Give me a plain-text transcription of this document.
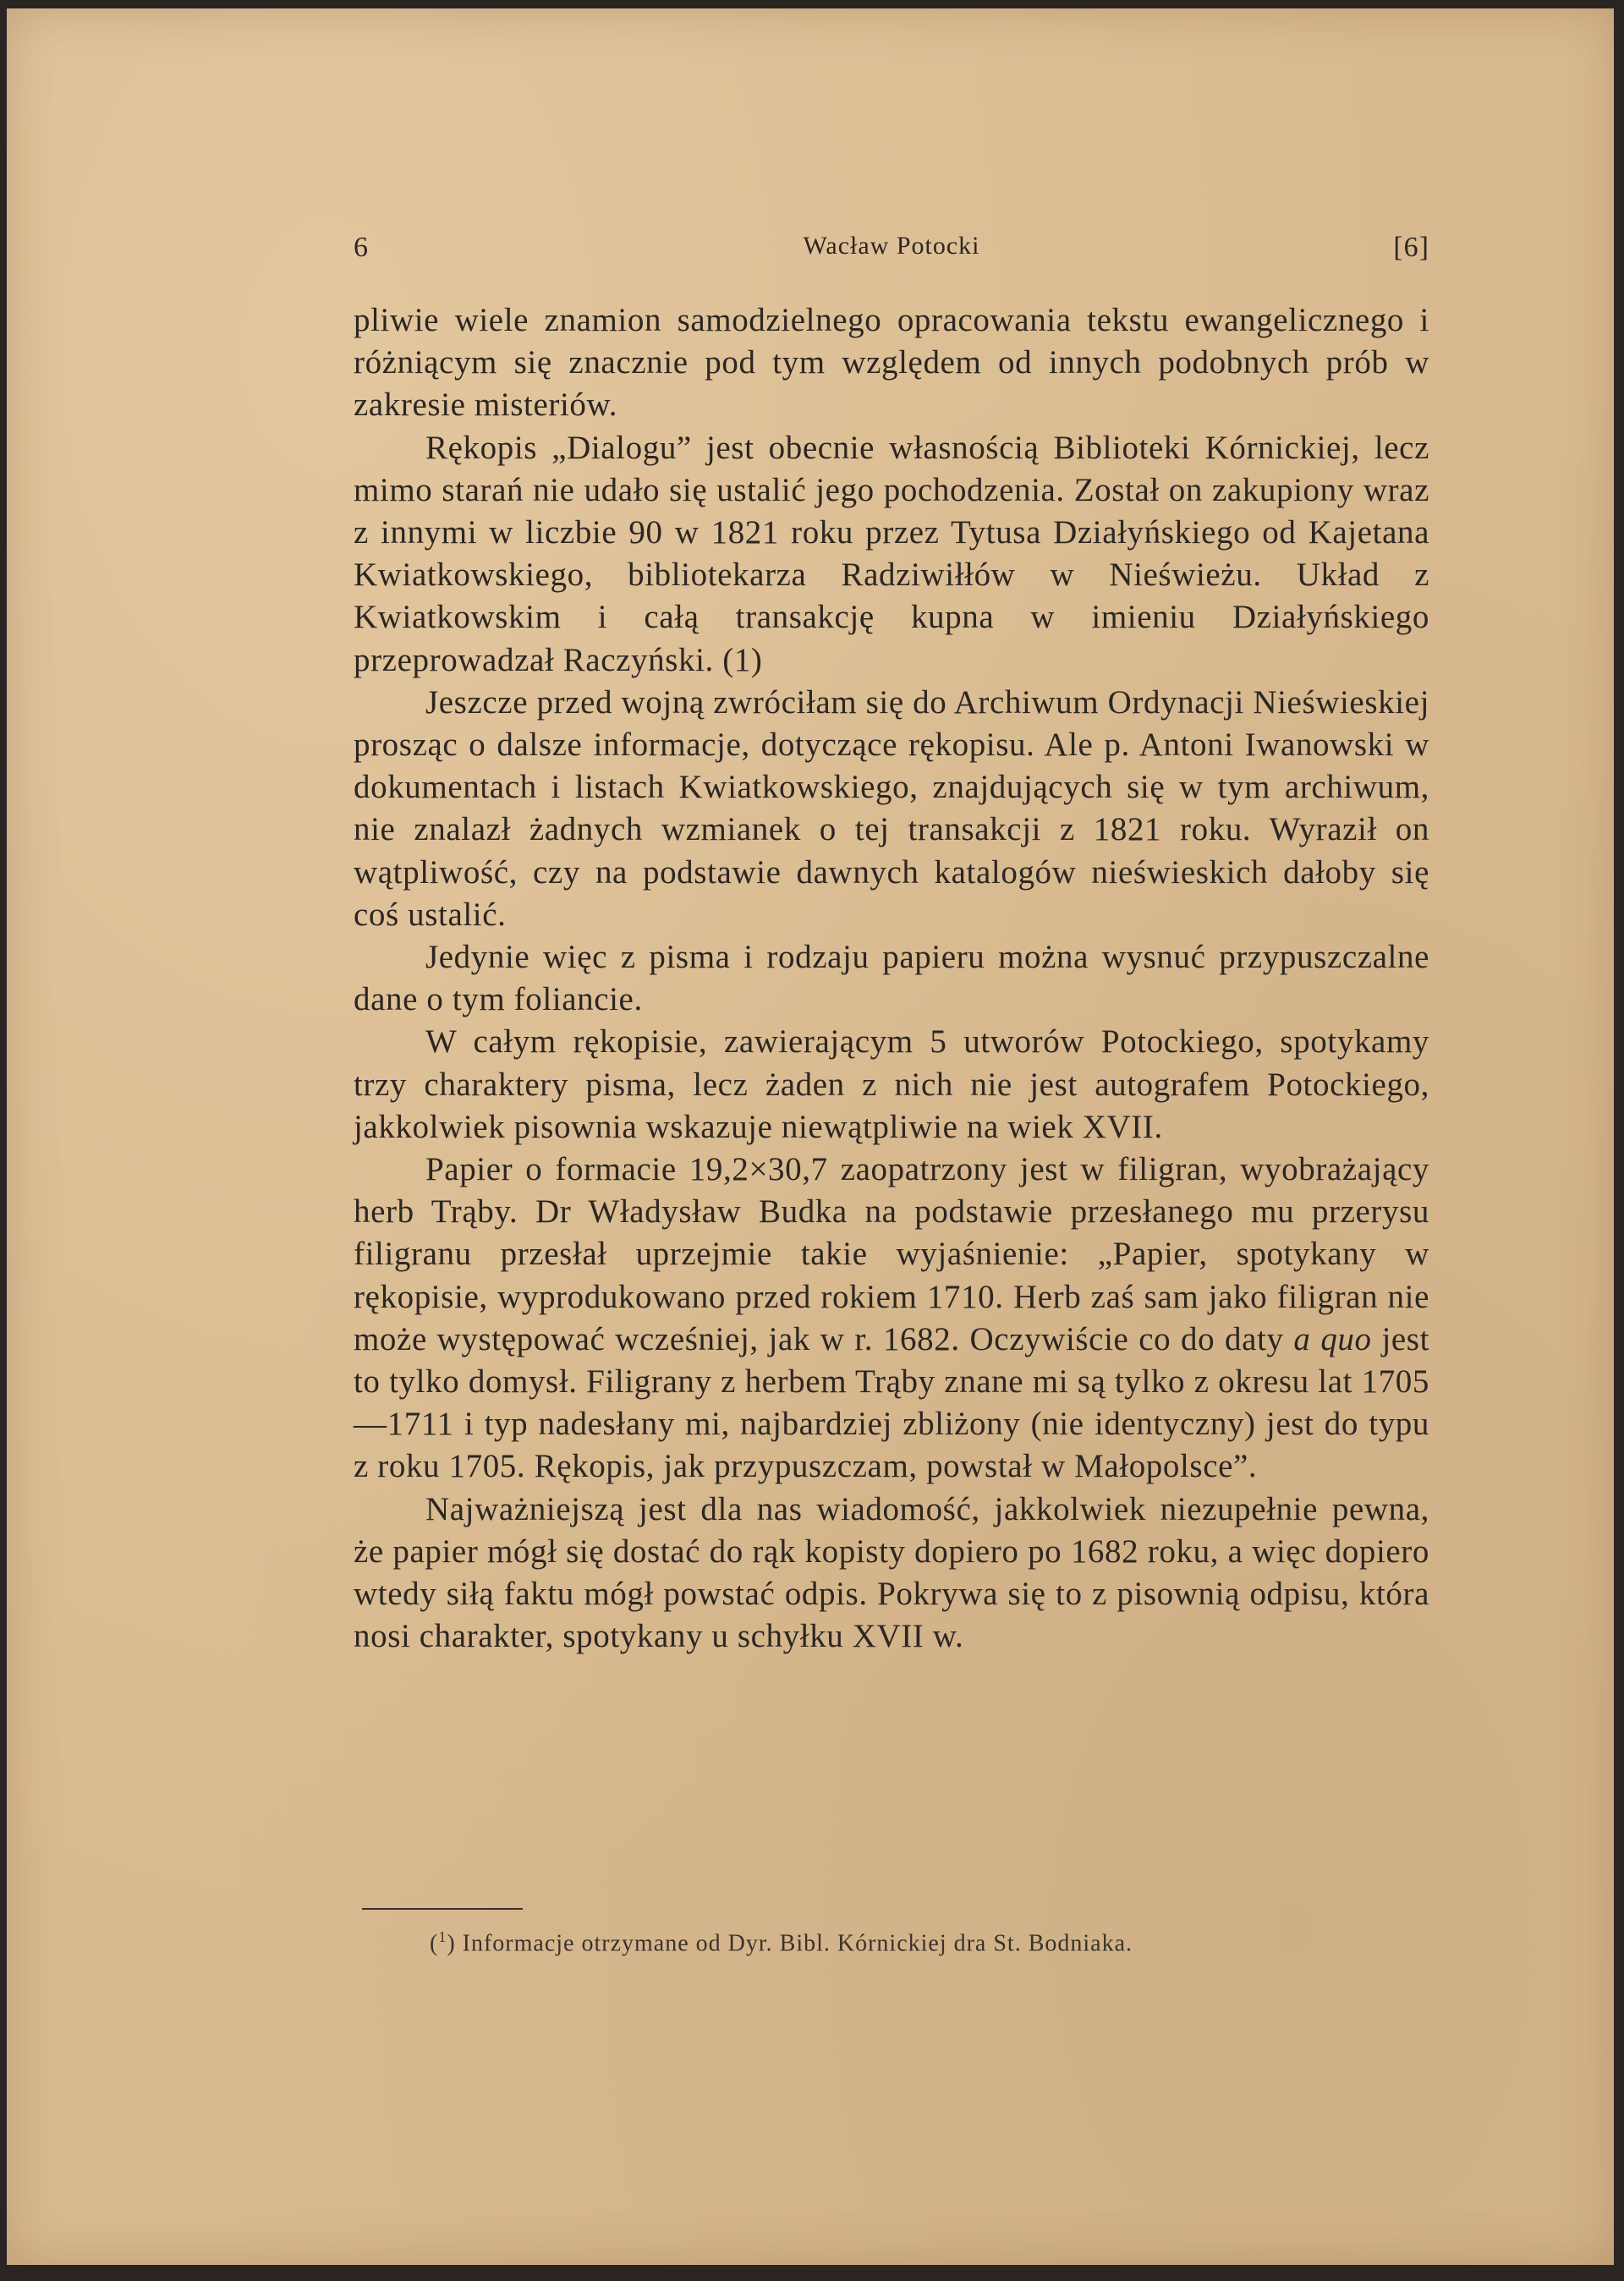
6	Wacław Potocki	[6]

pliwie wiele znamion samodzielnego opracowania tekstu ewangelicznego i różniącym się znacznie pod tym względem od innych podobnych prób w zakresie misteriów.

Rękopis „Dialogu” jest obecnie własnością Biblioteki Kórnickiej, lecz mimo starań nie udało się ustalić jego pochodzenia. Został on zakupiony wraz z innymi w liczbie 90 w 1821 roku przez Tytusa Działyńskiego od Kajetana Kwiatkowskiego, bibliotekarza Radziwiłłów w Nieświeżu. Układ z Kwiatkowskim i całą transakcję kupna w imieniu Działyńskiego przeprowadzał Raczyński. (1)

Jeszcze przed wojną zwróciłam się do Archiwum Ordynacji Nieświeskiej prosząc o dalsze informacje, dotyczące rękopisu. Ale p. Antoni Iwanowski w dokumentach i listach Kwiatkowskiego, znajdujących się w tym archiwum, nie znalazł żadnych wzmianek o tej transakcji z 1821 roku. Wyraził on wątpliwość, czy na podstawie dawnych katalogów nieświeskich dałoby się coś ustalić.

Jedynie więc z pisma i rodzaju papieru można wysnuć przypuszczalne dane o tym foliancie.

W całym rękopisie, zawierającym 5 utworów Potockiego, spotykamy trzy charaktery pisma, lecz żaden z nich nie jest autografem Potockiego, jakkolwiek pisownia wskazuje niewątpliwie na wiek XVII.

Papier o formacie 19,2×30,7 zaopatrzony jest w filigran, wyobrażający herb Trąby. Dr Władysław Budka na podstawie przesłanego mu przerysu filigranu przesłał uprzejmie takie wyjaśnienie: „Papier, spotykany w rękopisie, wyprodukowano przed rokiem 1710. Herb zaś sam jako filigran nie może występować wcześniej, jak w r. 1682. Oczywiście co do daty a quo jest to tylko domysł. Filigrany z herbem Trąby znane mi są tylko z okresu lat 1705—1711 i typ nadesłany mi, najbardziej zbliżony (nie identyczny) jest do typu z roku 1705. Rękopis, jak przypuszczam, powstał w Małopolsce”.

Najważniejszą jest dla nas wiadomość, jakkolwiek niezupełnie pewna, że papier mógł się dostać do rąk kopisty dopiero po 1682 roku, a więc dopiero wtedy siłą faktu mógł powstać odpis. Pokrywa się to z pisownią odpisu, która nosi charakter, spotykany u schyłku XVII w.

($^1$) Informacje otrzymane od Dyr. Bibl. Kórnickiej dra St. Bodniaka.
